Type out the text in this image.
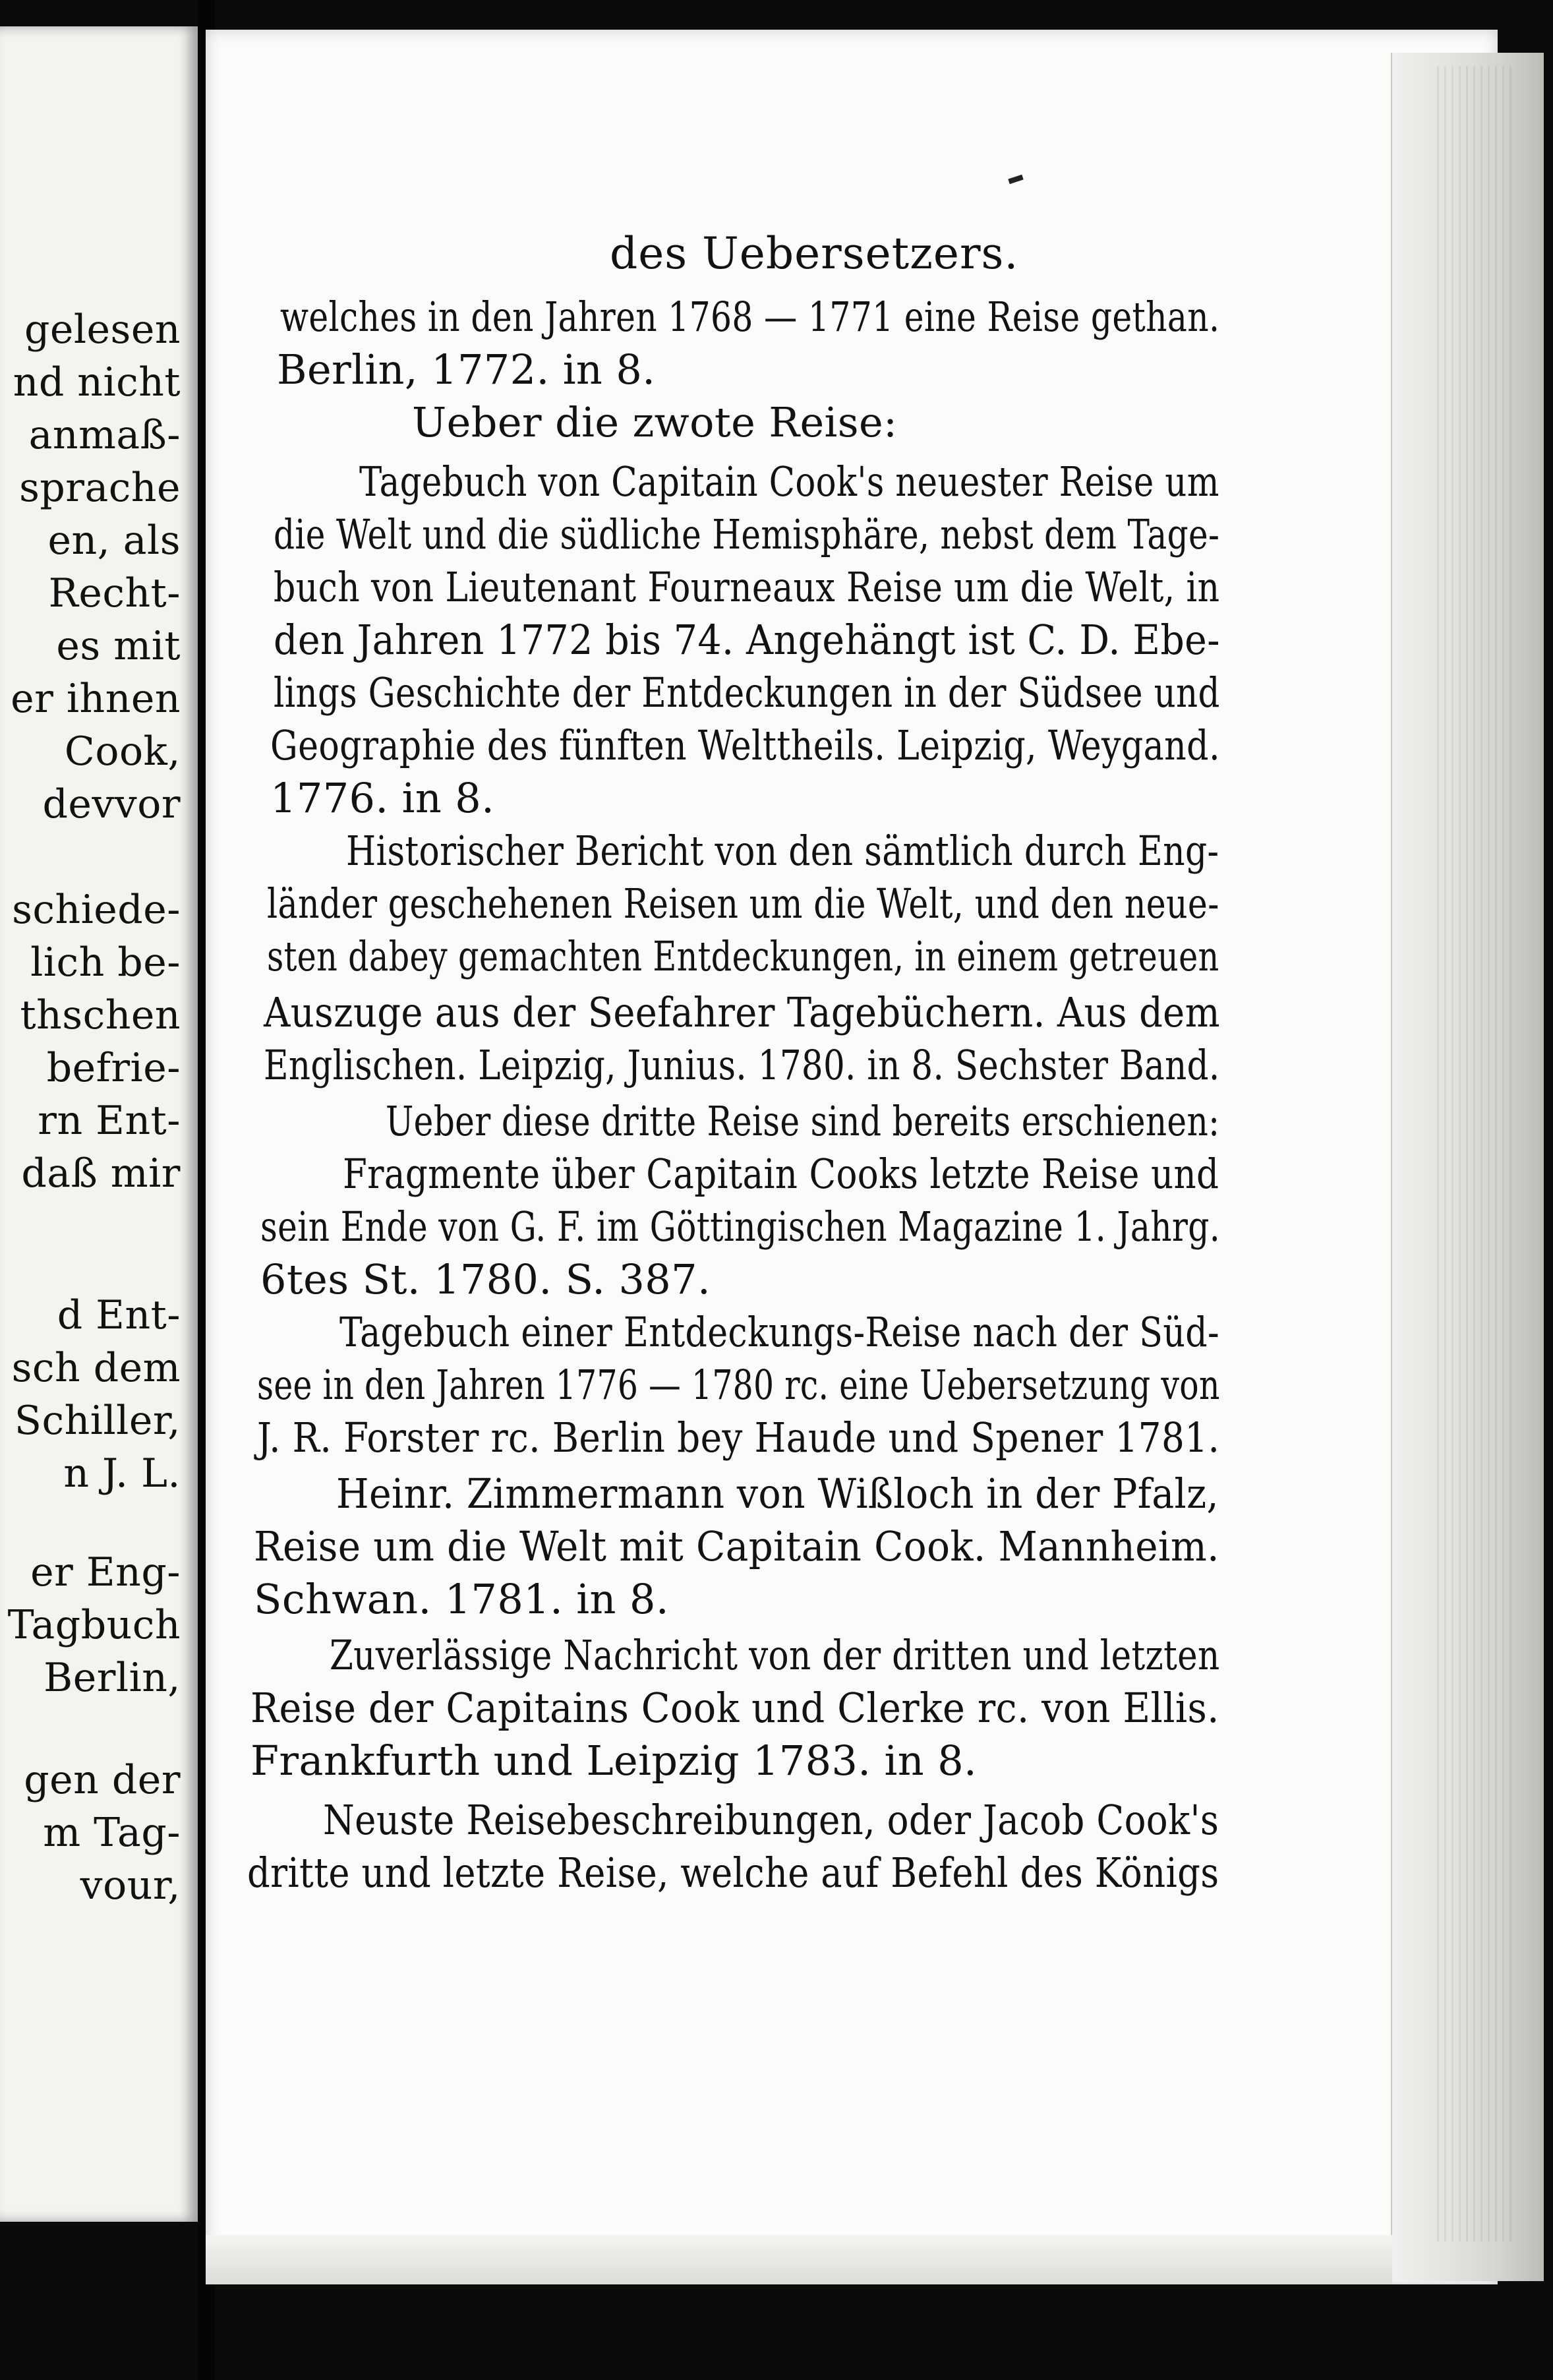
gelesen
nd nicht
anmaß-
sprache
en, als
Recht-
es mit
er ihnen
Cook,
devvor
schiede-
lich be-
thschen
befrie-
rn Ent-
daß mir
d Ent-
sch dem
Schiller,
n J. L.
er Eng-
Tagbuch
Berlin,
gen der
m Tag-
vour,
des Uebersetzers.
welches in den Jahren 1768 — 1771 eine Reise gethan.
Berlin, 1772. in 8.
Ueber die zwote Reise:
Tagebuch von Capitain Cook's neuester Reise um
die Welt und die südliche Hemisphäre, nebst dem Tage-
buch von Lieutenant Fourneaux Reise um die Welt, in
den Jahren 1772 bis 74. Angehängt ist C. D. Ebe-
lings Geschichte der Entdeckungen in der Südsee und
Geographie des fünften Welttheils. Leipzig, Weygand.
1776. in 8.
Historischer Bericht von den sämtlich durch Eng-
länder geschehenen Reisen um die Welt, und den neue-
sten dabey gemachten Entdeckungen, in einem getreuen
Auszuge aus der Seefahrer Tagebüchern. Aus dem
Englischen. Leipzig, Junius. 1780. in 8. Sechster Band.
Ueber diese dritte Reise sind bereits erschienen:
Fragmente über Capitain Cooks letzte Reise und
sein Ende von G. F. im Göttingischen Magazine 1. Jahrg.
6tes St. 1780. S. 387.
Tagebuch einer Entdeckungs-Reise nach der Süd-
see in den Jahren 1776 — 1780 rc. eine Uebersetzung von
J. R. Forster rc. Berlin bey Haude und Spener 1781.
Heinr. Zimmermann von Wißloch in der Pfalz,
Reise um die Welt mit Capitain Cook. Mannheim.
Schwan. 1781. in 8.
Zuverlässige Nachricht von der dritten und letzten
Reise der Capitains Cook und Clerke rc. von Ellis.
Frankfurth und Leipzig 1783. in 8.
Neuste Reisebeschreibungen, oder Jacob Cook's
dritte und letzte Reise, welche auf Befehl des Königs
